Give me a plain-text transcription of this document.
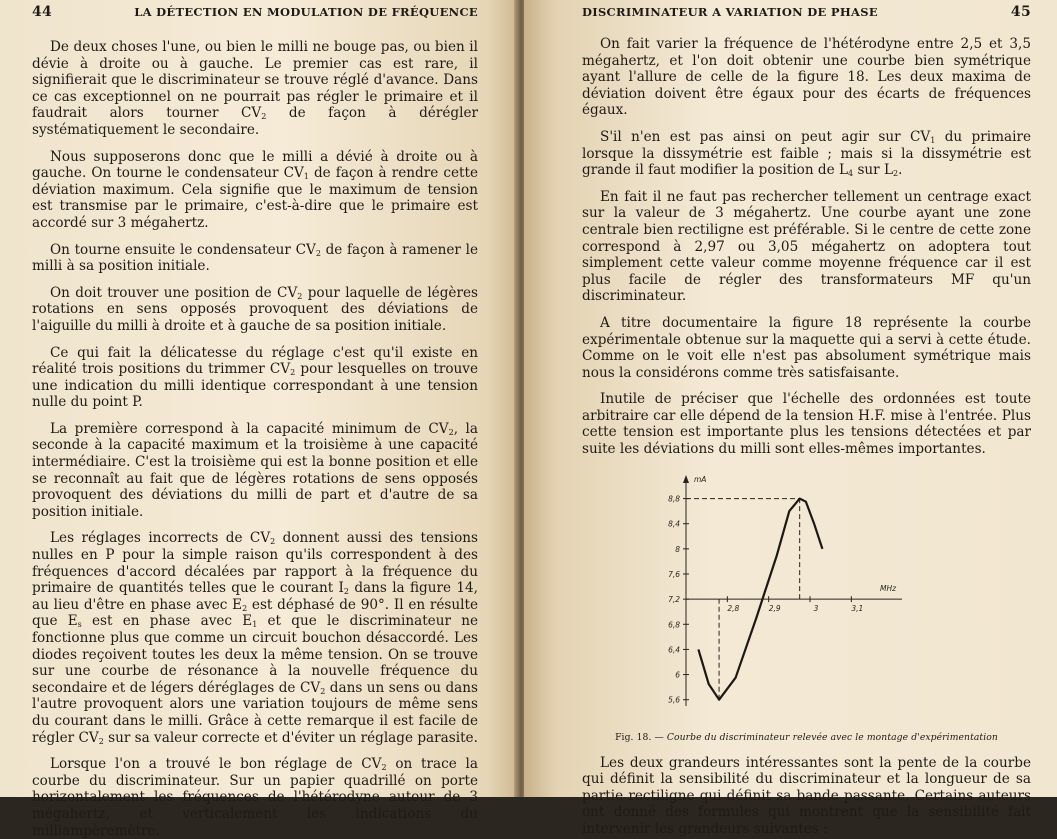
44	LA DÉTECTION EN MODULATION DE FRÉQUENCE

De deux choses l'une, ou bien le milli ne bouge pas, ou bien il dévie à droite ou à gauche. Le premier cas est rare, il signifierait que le discriminateur se trouve réglé d'avance. Dans ce cas exceptionnel on ne pourrait pas régler le primaire et il faudrait alors tourner $CV_2$ de façon à dérégler systématiquement le secondaire.

Nous supposerons donc que le milli a dévié à droite ou à gauche. On tourne le condensateur $CV_1$ de façon à rendre cette déviation maximum. Cela signifie que le maximum de tension est transmise par le primaire, c'est-à-dire que le primaire est accordé sur 3 mégahertz.

On tourne ensuite le condensateur $CV_2$ de façon à ramener le milli à sa position initiale.

On doit trouver une position de $CV_2$ pour laquelle de légères rotations en sens opposés provoquent des déviations de l'aiguille du milli à droite et à gauche de sa position initiale.

Ce qui fait la délicatesse du réglage c'est qu'il existe en réalité trois positions du trimmer $CV_2$ pour lesquelles on trouve une indication du milli identique correspondant à une tension nulle du point P.

La première correspond à la capacité minimum de $CV_2$, la seconde à la capacité maximum et la troisième à une capacité intermédiaire. C'est la troisième qui est la bonne position et elle se reconnaît au fait que de légères rotations de sens opposés provoquent des déviations du milli de part et d'autre de sa position initiale.

Les réglages incorrects de $CV_2$ donnent aussi des tensions nulles en P pour la simple raison qu'ils correspondent à des fréquences d'accord décalées par rapport à la fréquence du primaire de quantités telles que le courant $I_2$ dans la figure 14, au lieu d'être en phase avec $E_2$ est déphasé de 90°. Il en résulte que $E_s$ est en phase avec $E_1$ et que le discriminateur ne fonctionne plus que comme un circuit bouchon désaccordé. Les diodes reçoivent toutes les deux la même tension. On se trouve sur une courbe de résonance à la nouvelle fréquence du secondaire et de légers déréglages de $CV_2$ dans un sens ou dans l'autre provoquent alors une variation toujours de même sens du courant dans le milli. Grâce à cette remarque il est facile de régler $CV_2$ sur sa valeur correcte et d'éviter un réglage parasite.

Lorsque l'on a trouvé le bon réglage de $CV_2$ on trace la courbe du discriminateur. Sur un papier quadrillé on porte horizontalement les fréquences de l'hétérodyne autour de 3 mégahertz, et verticalement les indications du milliampèremètre.

DISCRIMINATEUR A VARIATION DE PHASE	45

On fait varier la fréquence de l'hétérodyne entre 2,5 et 3,5 mégahertz, et l'on doit obtenir une courbe bien symétrique ayant l'allure de celle de la figure 18. Les deux maxima de déviation doivent être égaux pour des écarts de fréquences égaux.

S'il n'en est pas ainsi on peut agir sur $CV_1$ du primaire lorsque la dissymétrie est faible ; mais si la dissymétrie est grande il faut modifier la position de $L_4$ sur $L_2$.

En fait il ne faut pas rechercher tellement un centrage exact sur la valeur de 3 mégahertz. Une courbe ayant une zone centrale bien rectiligne est préférable. Si le centre de cette zone correspond à 2,97 ou 3,05 mégahertz on adoptera tout simplement cette valeur comme moyenne fréquence car il est plus facile de régler des transformateurs MF qu'un discriminateur.

A titre documentaire la figure 18 représente la courbe expérimentale obtenue sur la maquette qui a servi à cette étude. Comme on le voit elle n'est pas absolument symétrique mais nous la considérons comme très satisfaisante.

Inutile de préciser que l'échelle des ordonnées est toute arbitraire car elle dépend de la tension H.F. mise à l'entrée. Plus cette tension est importante plus les tensions détectées et par suite les déviations du milli sont elles-mêmes importantes.

mA
MHz
8,8
8,4
8
7,6
7,2
6,8
6,4
6
5,6
2,8	2,9	3	3,1
Fig. 18. — Courbe du discriminateur relevée avec le montage d'expérimentation

Les deux grandeurs intéressantes sont la pente de la courbe qui définit la sensibilité du discriminateur et la longueur de sa partie rectiligne qui définit sa bande passante. Certains auteurs ont donné des formules qui montrent que la sensibilité fait intervenir les grandeurs suivantes :
